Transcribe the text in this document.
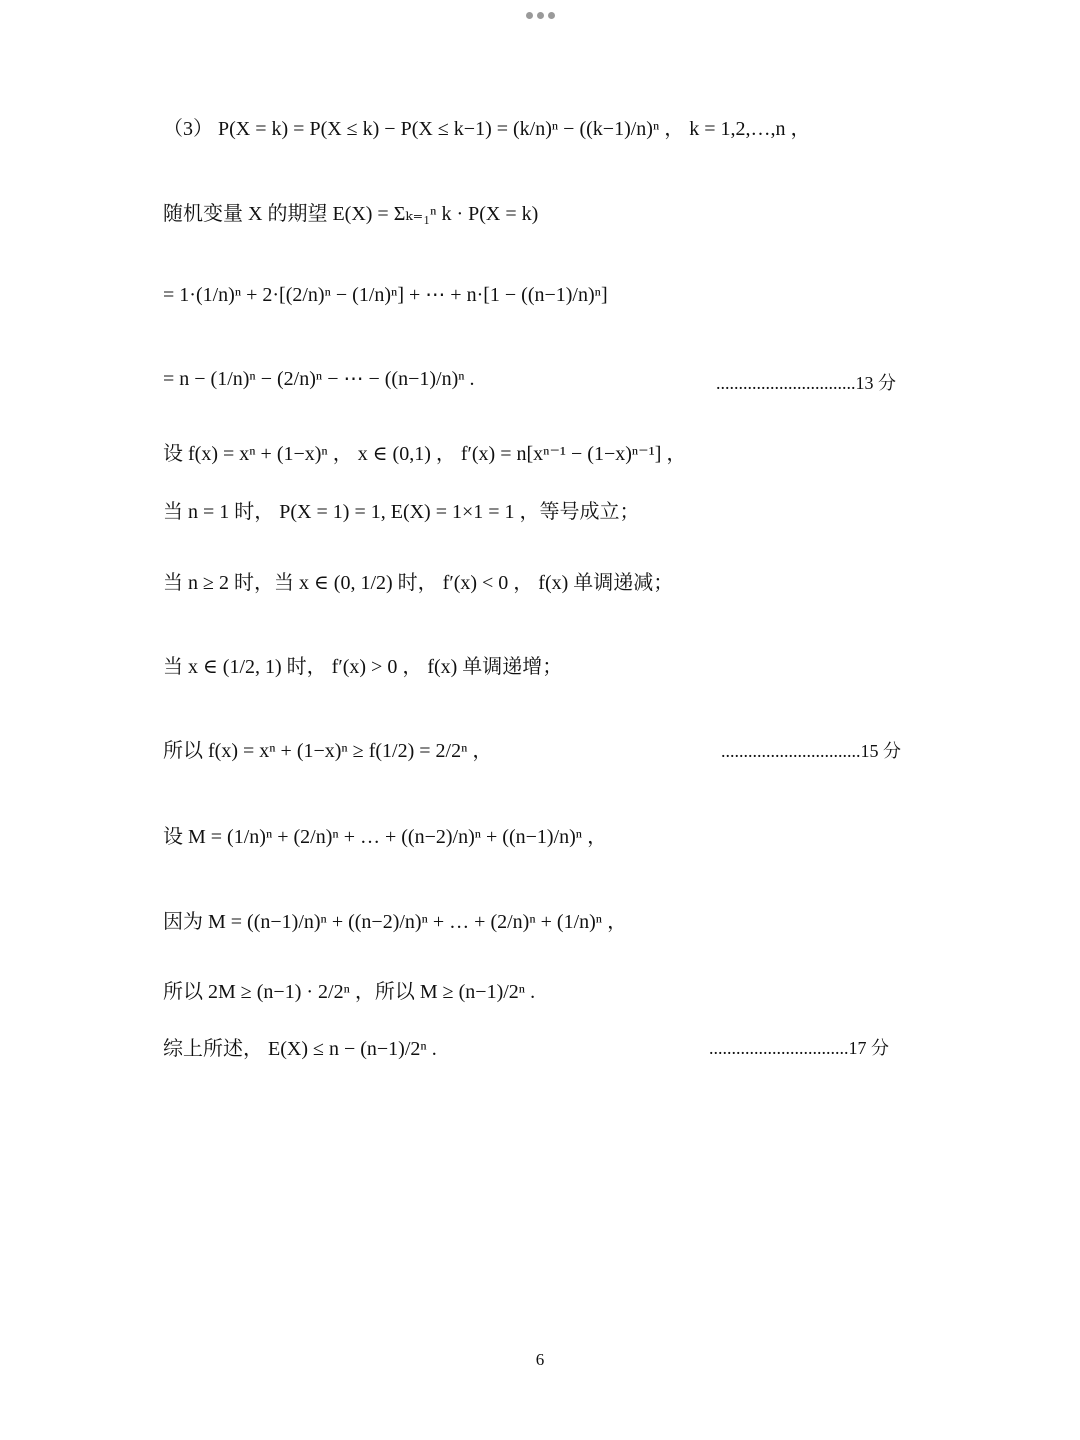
（3） P(X = k) = P(X ≤ k) − P(X ≤ k−1) = (k/n)ⁿ − ((k−1)/n)ⁿ ， k = 1,2,…,n ，
随机变量 X 的期望 E(X) = Σₖ₌₁ⁿ k · P(X = k)
= 1·(1/n)ⁿ + 2·[(2/n)ⁿ − (1/n)ⁿ] + ⋯ + n·[1 − ((n−1)/n)ⁿ]
= n − (1/n)ⁿ − (2/n)ⁿ − ⋯ − ((n−1)/n)ⁿ .
设 f(x) = xⁿ + (1−x)ⁿ ， x ∈ (0,1) ， f′(x) = n[xⁿ⁻¹ − (1−x)ⁿ⁻¹] ，
当 n = 1 时， P(X = 1) = 1, E(X) = 1×1 = 1 ，等号成立；
当 n ≥ 2 时，当 x ∈ (0, 1/2) 时， f′(x) < 0 ， f(x) 单调递减；
当 x ∈ (1/2, 1) 时， f′(x) > 0 ， f(x) 单调递增；
所以 f(x) = xⁿ + (1−x)ⁿ ≥ f(1/2) = 2/2ⁿ ，
设 M = (1/n)ⁿ + (2/n)ⁿ + … + ((n−2)/n)ⁿ + ((n−1)/n)ⁿ ，
因为 M = ((n−1)/n)ⁿ + ((n−2)/n)ⁿ + … + (2/n)ⁿ + (1/n)ⁿ ，
所以 2M ≥ (n−1) · 2/2ⁿ ，所以 M ≥ (n−1)/2ⁿ .
综上所述， E(X) ≤ n − (n−1)/2ⁿ .
...............................13 分
...............................15 分
...............................17 分
6
